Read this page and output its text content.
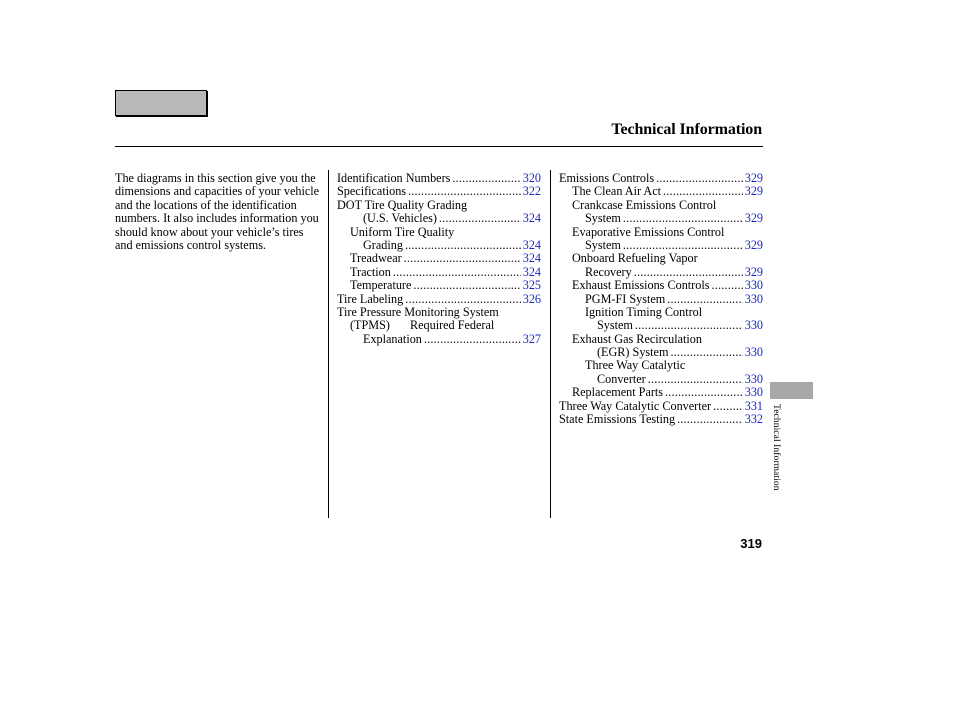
Technical Information
The diagrams in this section give you the dimensions and capacities of your vehicle and the locations of the identification numbers. It also includes information you should know about your vehicle’s tires and emissions control systems.
Identification Numbers .....	320
Specifications .....	322
DOT Tire Quality Grading
(U.S. Vehicles) .....	324
Uniform Tire Quality
Grading .....	324
Treadwear .....	324
Traction .....	324
Temperature .....	325
Tire Labeling .....	326
Tire Pressure Monitoring System
(TPMS) Required Federal
Explanation .....	327
Emissions Controls .....	329
The Clean Air Act .....	329
Crankcase Emissions Control
System .....	329
Evaporative Emissions Control
System .....	329
Onboard Refueling Vapor
Recovery .....	329
Exhaust Emissions Controls .....	330
PGM-FI System .....	330
Ignition Timing Control
System .....	330
Exhaust Gas Recirculation
(EGR) System .....	330
Three Way Catalytic
Converter .....	330
Replacement Parts .....	330
Three Way Catalytic Converter .....	331
State Emissions Testing .....	332 Technical Information
319
